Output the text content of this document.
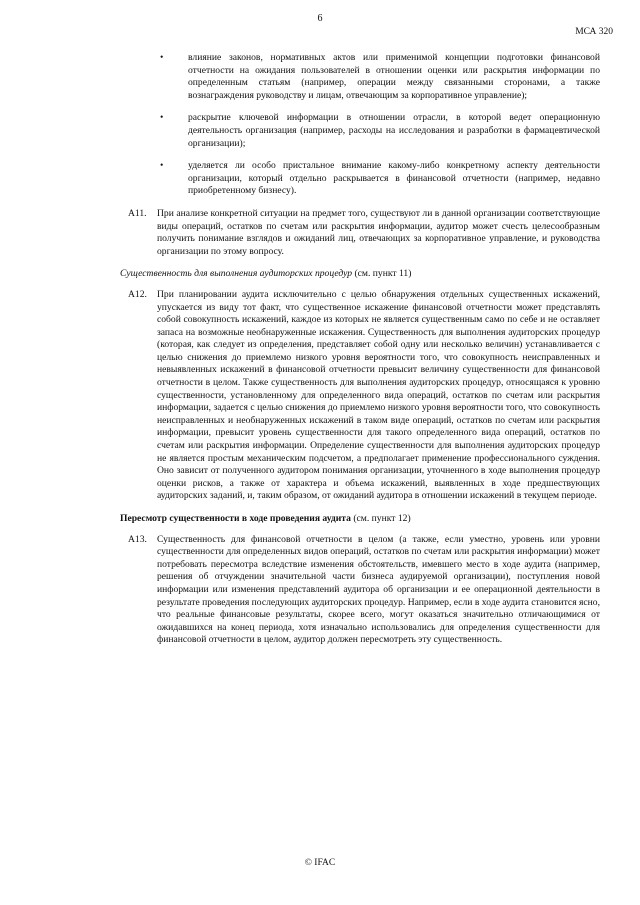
6
МСА 320
•	влияние законов, нормативных актов или применимой концепции подготовки финансовой отчетности на ожидания пользователей в отношении оценки или раскрытия информации по определенным статьям (например, операции между связанными сторонами, а также вознаграждения руководству и лицам, отвечающим за корпоративное управление);
•	раскрытие ключевой информации в отношении отрасли, в которой ведет операционную деятельность организация (например, расходы на исследования и разработки в фармацевтической организации);
•	уделяется ли особо пристальное внимание какому-либо конкретному аспекту деятельности организации, который отдельно раскрывается в финансовой отчетности (например, недавно приобретенному бизнесу).
A11. При анализе конкретной ситуации на предмет того, существуют ли в данной организации соответствующие виды операций, остатков по счетам или раскрытия информации, аудитор может счесть целесообразным получить понимание взглядов и ожиданий лиц, отвечающих за корпоративное управление, и руководства организации по этому вопросу.
Существенность для выполнения аудиторских процедур (см. пункт 11)
A12. При планировании аудита исключительно с целью обнаружения отдельных существенных искажений, упускается из виду тот факт, что существенное искажение финансовой отчетности может представлять собой совокупность искажений, каждое из которых не является существенным само по себе и не оставляет запаса на возможные необнаруженные искажения. Существенность для выполнения аудиторских процедур (которая, как следует из определения, представляет собой одну или несколько величин) устанавливается с целью снижения до приемлемо низкого уровня вероятности того, что совокупность неисправленных и невыявленных искажений в финансовой отчетности превысит величину существенности для финансовой отчетности в целом. Также существенность для выполнения аудиторских процедур, относящаяся к уровню существенности, установленному для определенного вида операций, остатков по счетам или раскрытия информации, задается с целью снижения до приемлемо низкого уровня вероятности того, что совокупность неисправленных и необнаруженных искажений в таком виде операций, остатков по счетам или раскрытия информации, превысит уровень существенности для такого определенного вида операций, остатков по счетам или раскрытия информации. Определение существенности для выполнения аудиторских процедур не является простым механическим подсчетом, а предполагает применение профессионального суждения. Оно зависит от полученного аудитором понимания организации, уточненного в ходе выполнения процедур оценки рисков, а также от характера и объема искажений, выявленных в ходе предшествующих аудиторских заданий, и, таким образом, от ожиданий аудитора в отношении искажений в текущем периоде.
Пересмотр существенности в ходе проведения аудита (см. пункт 12)
A13. Существенность для финансовой отчетности в целом (а также, если уместно, уровень или уровни существенности для определенных видов операций, остатков по счетам или раскрытия информации) может потребовать пересмотра вследствие изменения обстоятельств, имевшего место в ходе аудита (например, решения об отчуждении значительной части бизнеса аудируемой организации), поступления новой информации или изменения представлений аудитора об организации и ее операционной деятельности в результате проведения последующих аудиторских процедур. Например, если в ходе аудита становится ясно, что реальные финансовые результаты, скорее всего, могут оказаться значительно отличающимися от ожидавшихся на конец периода, хотя изначально использовались для определения существенности для финансовой отчетности в целом, аудитор должен пересмотреть эту существенность.
© IFAC
